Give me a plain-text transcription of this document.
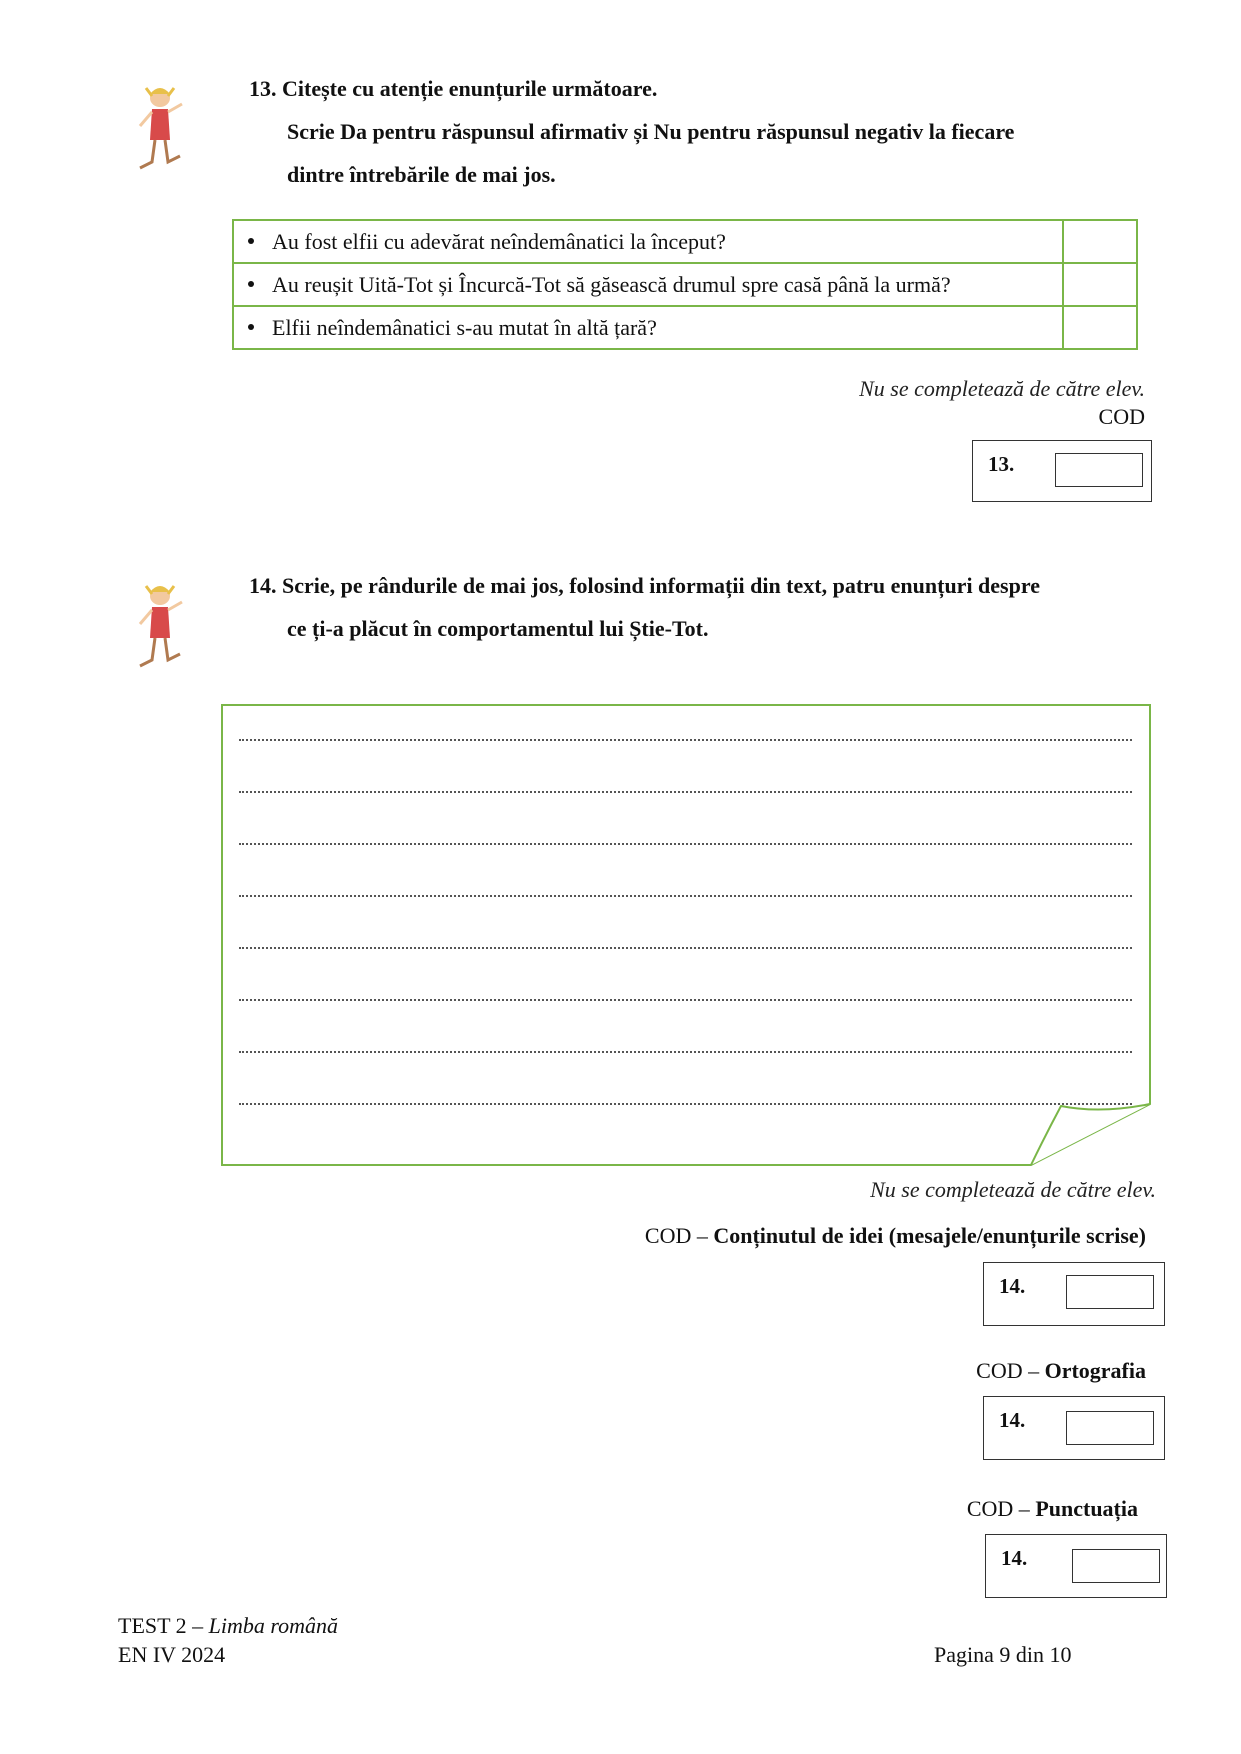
13. Citește cu atenție enunțurile următoare.
Scrie Da pentru răspunsul afirmativ și Nu pentru răspunsul negativ la fiecare
dintre întrebările de mai jos.
Au fost elfii cu adevărat neîndemânatici la început?	
Au reușit Uită-Tot și Încurcă-Tot să găsească drumul spre casă până la urmă?	
Elfii neîndemânatici s-au mutat în altă țară?	
Nu se completează de către elev.
COD
13.
14. Scrie, pe rândurile de mai jos, folosind informații din text, patru enunțuri despre
ce ți-a plăcut în comportamentul lui Știe-Tot.
Nu se completează de către elev.
COD – Conținutul de idei (mesajele/enunțurile scrise)
14.
COD – Ortografia
14.
COD – Punctuația
14.
TEST 2 – Limba română
EN IV 2024	Pagina 9 din 10
